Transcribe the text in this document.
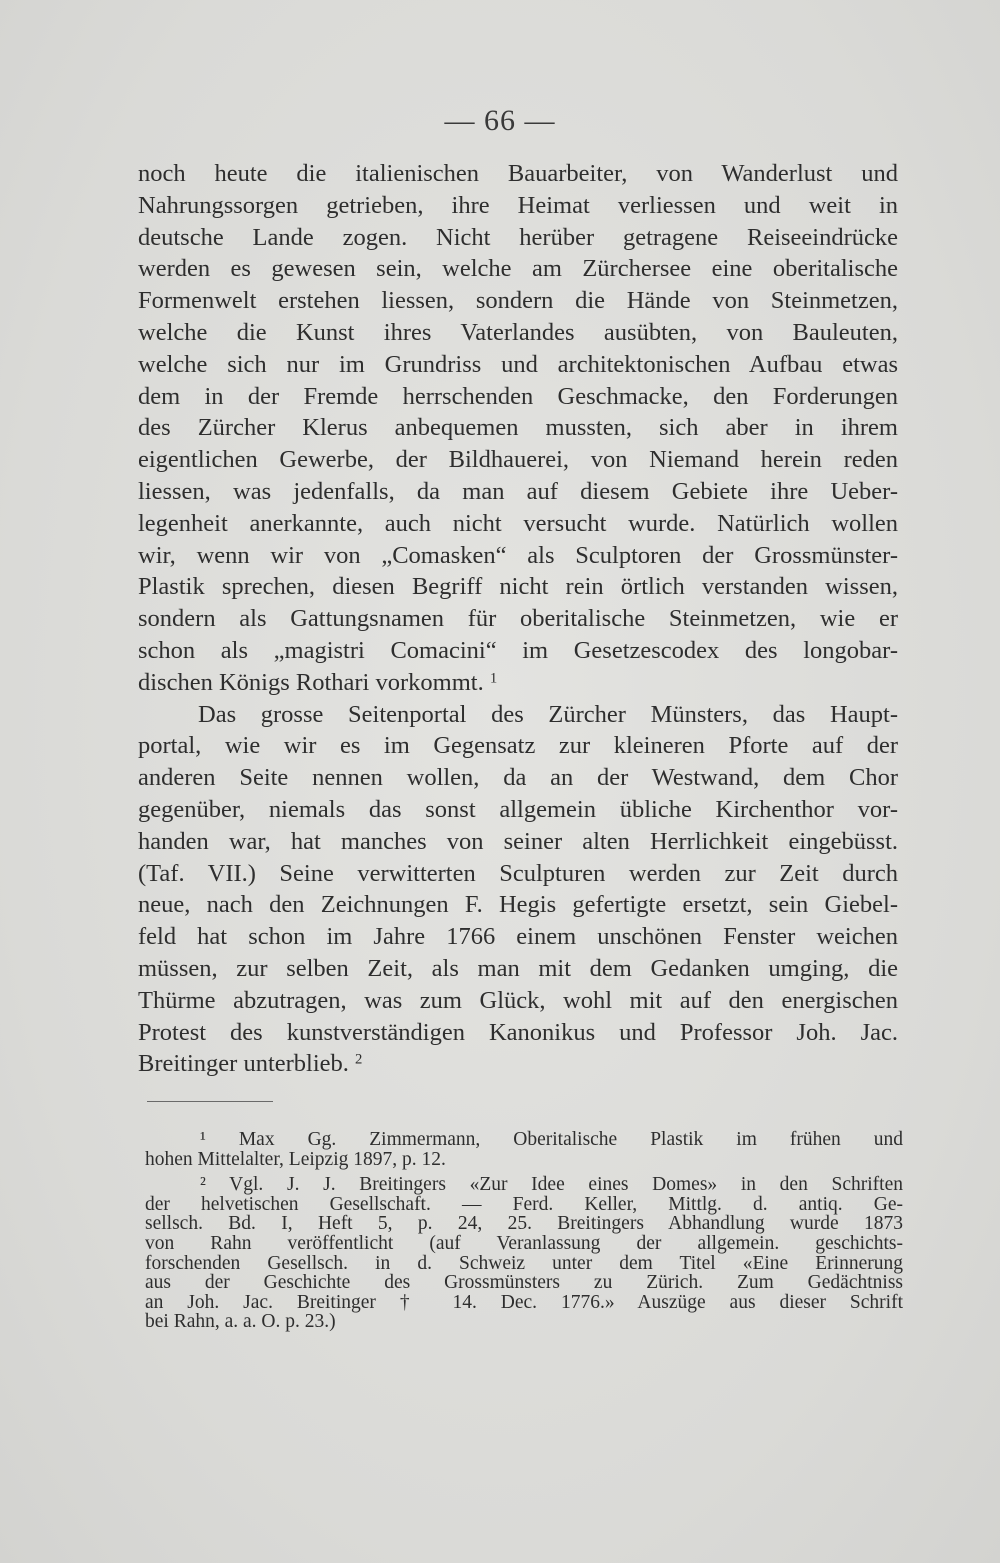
— 66 —
noch heute die italienischen Bauarbeiter, von Wanderlust und
Nahrungssorgen getrieben, ihre Heimat verliessen und weit in
deutsche Lande zogen. Nicht herüber getragene Reiseeindrücke
werden es gewesen sein, welche am Zürchersee eine oberitalische
Formenwelt erstehen liessen, sondern die Hände von Steinmetzen,
welche die Kunst ihres Vaterlandes ausübten, von Bauleuten,
welche sich nur im Grundriss und architektonischen Aufbau etwas
dem in der Fremde herrschenden Geschmacke, den Forderungen
des Zürcher Klerus anbequemen mussten, sich aber in ihrem
eigentlichen Gewerbe, der Bildhauerei, von Niemand herein reden
liessen, was jedenfalls, da man auf diesem Gebiete ihre Ueber-
legenheit anerkannte, auch nicht versucht wurde. Natürlich wollen
wir, wenn wir von „Comasken“ als Sculptoren der Grossmünster-
Plastik sprechen, diesen Begriff nicht rein örtlich verstanden wissen,
sondern als Gattungsnamen für oberitalische Steinmetzen, wie er
schon als „magistri Comacini“ im Gesetzescodex des longobar-
dischen Königs Rothari vorkommt. $^1$
Das grosse Seitenportal des Zürcher Münsters, das Haupt-
portal, wie wir es im Gegensatz zur kleineren Pforte auf der
anderen Seite nennen wollen, da an der Westwand, dem Chor
gegenüber, niemals das sonst allgemein übliche Kirchenthor vor-
handen war, hat manches von seiner alten Herrlichkeit eingebüsst.
(Taf. VII.) Seine verwitterten Sculpturen werden zur Zeit durch
neue, nach den Zeichnungen F. Hegis gefertigte ersetzt, sein Giebel-
feld hat schon im Jahre 1766 einem unschönen Fenster weichen
müssen, zur selben Zeit, als man mit dem Gedanken umging, die
Thürme abzutragen, was zum Glück, wohl mit auf den energischen
Protest des kunstverständigen Kanonikus und Professor Joh. Jac.
Breitinger unterblieb. $^2$
¹ Max Gg. Zimmermann, Oberitalische Plastik im frühen und
hohen Mittelalter, Leipzig 1897, p. 12.
² Vgl. J. J. Breitingers «Zur Idee eines Domes» in den Schriften
der helvetischen Gesellschaft. — Ferd. Keller, Mittlg. d. antiq. Ge-
sellsch. Bd. I, Heft 5, p. 24, 25. Breitingers Abhandlung wurde 1873
von Rahn veröffentlicht (auf Veranlassung der allgemein. geschichts-
forschenden Gesellsch. in d. Schweiz unter dem Titel «Eine Erinnerung
aus der Geschichte des Grossmünsters zu Zürich. Zum Gedächtniss
an Joh. Jac. Breitinger † 14. Dec. 1776.» Auszüge aus dieser Schrift
bei Rahn, a. a. O. p. 23.)
